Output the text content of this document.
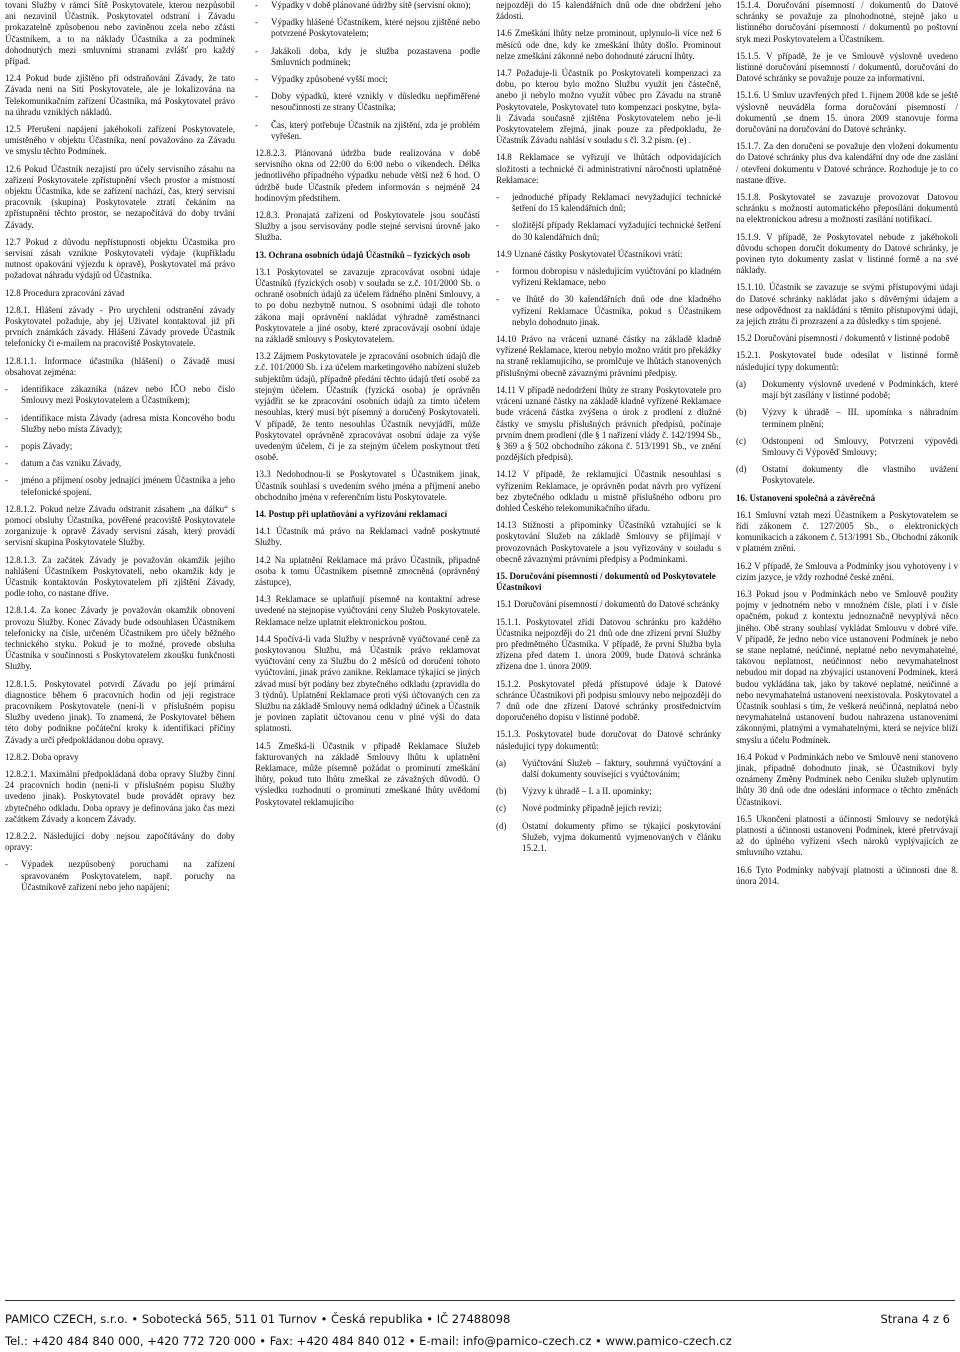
tovaní Služby v rámci Sítě Poskytovatele, kterou nezpůsobil ani nezavinil Účastník. Poskytovatel odstraní i Závadu prokazatelně způsobenou nebo zaviněnou zcela nebo zčásti Účastníkem, a to na náklady Účastníka a za podmínek dohodnutých mezi smluvními stranami zvlášť pro každý případ.
12.4 Pokud bude zjištěno při odstraňování Závady, že tato Závada není na Síti Poskytovatele, ale je lokalizována na Telekomunikačním zařízení Účastníka, má Poskytovatel právo na úhradu vzniklých nákladů.
12.5 Přerušení napájení jakéhokoli zařízení Poskytovatele, umístěného v objektu Účastníka, není považováno za Závadu ve smyslu těchto Podmínek.
12.6 Pokud Účastník nezajistí pro účely servisního zásahu na zařízení Poskytovatele zpřístupnění všech prostor a místností objektu Účastníka, kde se zařízení nachází, čas, který servisní pracovník (skupina) Poskytovatele ztratí čekáním na zpřístupnění těchto prostor, se nezapočítává do doby trvání Závady.
12.7 Pokud z důvodu nepřístupnosti objektu Účastníka pro servisní zásah vznikne Poskytovateli výdaje (kupříkladu nutnost opakování výjezdu k opravě), Poskytovatel má právo požadovat náhradu výdajů od Účastníka.
12.8 Procedura zpracování závad
12.8.1. Hlášení závady - Pro urychlení odstranění závady Poskytovatel požaduje, aby jej Uživatel kontaktoval již při prvních známkách závady. Hlášení Závady provede Účastník telefonicky či e-mailem na pracoviště Poskytovatele.
12.8.1.1. Informace účastníka (hlášení) o Závadě musí obsahovat zejména:
-	identifikace zákazníka (název nebo IČO nebo číslo Smlouvy mezi Poskytovatelem a Účastníkem);
-	identifikace místa Závady (adresa místa Koncového bodu Služby nebo místa Závady);
-	popis Závady;
-	datum a čas vzniku Závady,
-	jméno a příjmení osoby jednající jménem Účastníka a jeho telefonické spojení.
12.8.1.2. Pokud nelze Závadu odstranit zásahem „na dálku“ s pomocí obsluhy Účastníka, pověřené pracoviště Poskytovatele zorganizuje k opravě Závady servisní zásah, který provádí servisní skupina Poskytovatele Služby.
12.8.1.3. Za začátek Závady je považován okamžik jejího nahlášení Účastníkem Poskytovateli, nebo okamžik kdy je Účastník kontaktován Poskytovatelem při zjištění Závady, podle toho, co nastane dříve.
12.8.1.4. Za konec Závady je považován okamžik obnovení provozu Služby. Konec Závady bude odsouhlasen Účastníkem telefonicky na čísle, určeném Účastníkem pro účely běžného technického styku. Pokud je to možné, provede obsluha Účastníka v součinnosti s Poskytovatelem zkoušku funkčnosti Služby.
12.8.1.5. Poskytovatel potvrdí Závadu po její primární diagnostice během 6 pracovních hodin od její registrace pracovníkem Poskytovatele (není-li v příslušném popisu Služby uvedeno jinak). To znamená, že Poskytovatel během této doby podnikne počáteční kroky k identifikaci příčiny Závady a určí předpokládanou dobu opravy.
12.8.2. Doba opravy
12.8.2.1. Maximální předpokládaná doba opravy Služby činní 24 pracovních hodin (není-li v příslušném popisu Služby uvedeno jinak). Poskytovatel bude provádět opravy bez zbytečného odkladu. Doba opravy je definována jako čas mezi začátkem Závady a koncem Závady.
12.8.2.2. Následující doby nejsou započítávány do doby opravy:
-	Výpadek nezpůsobený poruchami na zařízení spravovaném Poskytovatelem, např. poruchy na Účastníkově zařízení nebo jeho napájení;
-	Výpadky v době plánované údržby sítě (servisní okno);
-	Výpadky hlášené Účastníkem, které nejsou zjištěné nebo potvrzené Poskytovatelem;
-	Jakákoli doba, kdy je služba pozastavena podle Smluvních podmínek;
-	Výpadky způsobené vyšší mocí;
-	Doby výpadků, které vznikly v důsledku nepřiměřené nesoučinnosti ze strany Účastníka;
-	Čas, který potřebuje Účastník na zjištění, zda je problém vyřešen.
12.8.2.3. Plánovaná údržba bude realizována v době servisního okna od 22:00 do 6:00 nebo o víkendech. Délka jednotlivého případného výpadku nebude větší než 6 hod. O údržbě bude Účastník předem informován s nejméně 24 hodinovým předstihem.
12.8.3. Pronajatá zařízení od Poskytovatele jsou součástí Služby a jsou servisovány podle stejné servisní úrovně jako Služba.
13. Ochrana osobních údajů Účastníků – fyzických osob
13.1 Poskytovatel se zavazuje zpracovávat osobní údaje Účastníků (fyzických osob) v souladu se z.č. 101/2000 Sb. o ochraně osobních údajů za účelem řádného plnění Smlouvy, a to po dobu nezbytně nutnou. S osobními údaji dle tohoto zákona mají oprávnění nakládat výhradně zaměstnanci Poskytovatele a jiné osoby, které zpracovávají osobní údaje na základě smlouvy s Poskytovatelem.
13.2 Zájmem Poskytovatele je zpracování osobních údajů dle z.č. 101/2000 Sb. i za účelem marketingového nabízení služeb subjektům údajů, případně předání těchto údajů třetí osobě za stejným účelem. Účastník (fyzická osoba) je oprávněn vyjádřit se ke zpracování osobních údajů za tímto účelem nesouhlas, který musí být písemný a doručený Poskytovateli. V případě, že tento nesouhlas Účastník nevyjádří, může Poskytovatel oprávněně zpracovávat osobní údaje za výše uvedeným účelem, či je za stejným účelem poskytnout třetí osobě.
13.3 Nedohodnou-li se Poskytovatel s Účastníkem jinak, Účastník souhlasí s uvedením svého jména a příjmení anebo obchodního jména v referenčním listu Poskytovatele.
14. Postup při uplatňování a vyřizování reklamací
14.1 Účastník má právo na Reklamaci vadně poskytnuté Služby.
14.2 Na uplatnění Reklamace má právo Účastník, případně osoba k tomu Účastníkem písemně zmocněná (oprávněný zástupce),
14.3 Reklamace se uplatňují písemně na kontaktní adrese uvedené na stejnopise vyúčtování ceny Služeb Poskytovatele. Reklamace nelze uplatnit elektronickou poštou.
14.4 Spočívá-li vada Služby v nesprávně vyúčtované ceně za poskytovanou Službu, má Účastník právo reklamovat vyúčtování ceny za Službu do 2 měsíců od doručení tohoto vyúčtování, jinak právo zaniknе. Reklamace týkající se jiných závad musí být podány bez zbytečného odkladu (zpravidla do 3 týdnů). Uplatnění Reklamace proti výši účtovaných cen za Službu na základě Smlouvy nemá odkladný účinek a Účastník je povinen zaplatit účtovanou cenu v plné výši do data splatnosti.
14.5 Zmešká-li Účastník v případě Reklamace Služeb fakturovaných na základě Smlouvy lhůtu k uplatnění Reklamace, může písemně požádat o prominutí zmeškání lhůty, pokud tuto lhůtu zmeškal ze závažných důvodů. O výsledku rozhodnutí o prominutí zmeškané lhůty uvědomí Poskytovatel reklamujícího
nejpozději do 15 kalendářních dnů ode dne obdržení jeho žádosti.
14.6 Zmeškání lhůty nelze prominout, uplynulo-li více než 6 měsíců ode dne, kdy ke zmeškání lhůty došlo. Prominout nelze zmeškání zákonné nebo dohodnuté zárucní lhůty.
14.7 Požaduje-li Účastník po Poskytovateli kompenzaci za dobu, po kterou bylo možno Službu využít jen částečně, anebo ji nebylo možno využít vůbec pro Závadu na straně Poskytovatele, Poskytovatel tuto kompenzaci poskytne, byla-li Závada současně zjištěna Poskytovatelem nebo je-li Poskytovatelem zřejmá, jinak pouze za předpokladu, že Účastník Závadu nahlásí v souladu s čl. 3.2 písm. (e) .
14.8 Reklamace se vyřizují ve lhůtách odpovídajících složitosti a technické či administrativní náročnosti uplatněné Reklamace:
-	jednoduché případy Reklamací nevyžadující technické šetření do 15 kalendářních dnů;
-	složitější případy Reklamací vyžadující technické šetření do 30 kalendářních dnů;
14.9 Uznané částky Poskytovatel Účastníkovi vrátí:
-	formou dobropisu v následujícím vyúčtování po kladném vyřízení Reklamace, nebo
-	ve lhůtě do 30 kalendářních dnů ode dne kladného vyřízení Reklamace Účastníka, pokud s Účastníkem nebylo dohodnuto jinak.
14.10 Právo na vrácení uznané částky na základě kladně vyřízené Reklamace, kterou nebylo možno vrátit pro překážky na straně reklamujícího, se promlčuje ve lhůtách stanovených příslušnými obecně závaznými právními předpisy.
14.11 V případě nedodržení lhůty ze strany Poskytovatele pro vrácení uznané částky na základě kladně vyřízené Reklamace bude vrácená částka zvýšena o úrok z prodlení z dlužné částky ve smyslu příslušných právních předpisů, počínaje prvním dnem prodlení (dle § 1 nařízení vlády č. 142/1994 Sb., § 369 a § 502 obchodního zákona č. 513/1991 Sb., ve znění pozdějších předpisů).
14.12 V případě, že reklamující Účastník nesouhlasí s vyřízením Reklamace, je oprávněn podat návrh pro vyřízení bez zbytečného odkladu u místně příslušného odboru pro dohled Českého telekomunikačního úřadu.
14.13 Stížnosti a připomínky Účastníků vztahující se k poskytování Služeb na základě Smlouvy se přijímají v provozovnách Poskytovatele a jsou vyřizovány v souladu s obecně závaznými právními předpisy a Podmínkami.
15. Doručování písemností / dokumentů od Poskytovatele Účastníkovi
15.1 Doručování písemností / dokumentů do Datové schránky
15.1.1. Poskytovatel zřídí Datovou schránku pro každého Účastníka nejpozději do 21 dnů ode dne zřízení první Služby pro předmětného Účastníka. V případě, že první Služba byla zřízena před datem 1. února 2009, bude Datová schránka zřízena dne 1. února 2009.
15.1.2. Poskytovatel předá přístupové údaje k Datové schránce Účastníkovi při podpisu smlouvy nebo nejpozději do 7 dnů ode dne zřízení Datové schránky prostřednictvím doporučeného dopisu v listinné podobě.
15.1.3. Poskytovatel bude doručovat do Datové schránky následující typy dokumentů:
(a)	Vyúčtování Služeb – faktury, souhrnná vyúčtování a další dokumenty související s vyúčtováním;
(b)	Výzvy k úhradě – I. a II. upomínky;
(c)	Nové podmínky případně jejich revizi;
(d)	Ostatní dokumenty přímo se týkající poskytování Služeb, vyjma dokumentů vyjmenovaných v článku 15.2.1.
15.1.4. Doručování písemností / dokumentů do Datové schránky se považuje za plnohodnotné, stejně jako u listinného doručování písemností / dokumentů po poštovní styk mezi Poskytovatelem a Účastníkem.
15.1.5. V případě, že je ve Smlouvě výslovně uvedeno listinné doručování písemností / dokumentů, doručování do Datové schránky se považuje pouze za informativní.
15.1.6. U Smluv uzavřených před 1. říjnem 2008 kde se ještě výslovně neuváděla forma doručování písemností / dokumentů ,se dnem 15. února 2009 stanovuje forma doručování na doručování do Datové schránky.
15.1.7. Za den doručení se považuje den vložení dokumentu do Datové schránky plus dva kalendářní dny ode dne zaslání / otevření dokumentu v Datové schránce. Rozhoduje je to co nastane dříve.
15.1.8. Poskytovatel se zavazuje provozovat Datovou schránku s možností automatického přeposílání dokumentů na elektronickou adresu a možností zasílání notifikací.
15.1.9. V případě, že Poskytovatel nebude z jakéhokoli důvodu schopen doručit dokumenty do Datové schránky, je povinen tyto dokumenty zaslat v listinné formě a na své náklady.
15.1.10. Účastník se zavazuje se svými přístupovými údaji do Datové schránky nakládat jako s důvěrnými údajem a nese odpovědnost za nakládání s těmito přístupovými údaji, za jejich ztrátu či prozrazení a za důsledky s tím spojené.
15.2 Doručování písemností / dokumentů v listinné podobě
15.2.1. Poskytovatel bude odesílat v listinné formě následující typy dokumentů:
(a)	Dokumenty výslovně uvedené v Podmínkách, které mají být zasílány v listinné podobě;
(b)	Výzvy k úhradě – III. upomínka s náhradním termínem plnění;
(c)	Odstoupení od Smlouvy, Potvrzení výpovědi Smlouvy či Výpověď Smlouvy;
(d)	Ostatní dokumenty dle vlastního uvážení Poskytovatele.
16. Ustanovení společná a závěrečná
16.1 Smluvní vztah mezi Účastníkem a Poskytovatelem se řídí zákonem č. 127/2005 Sb., o elektronických komunikacích a zákonem č. 513/1991 Sb., Obchodní zákoník v platném znění.
16.2 V případě, že Smlouva a Podmínky jsou vyhotoveny i v cizím jazyce, je vždy rozhodné české znění.
16.3 Pokud jsou v Podmínkách nebo ve Smlouvě použity pojmy v jednotném nebo v množném čísle, platí i v čísle opačném, pokud z kontextu jednoznačně nevyplývá něco jiného. Obě strany souhlasí vykládat Smlouvu v dobré víře. V případě, že jedno nebo více ustanovení Podmínek je nebo se stane neplatné, neúčinné, neplatné nebo nevymahatelné, takovou neplatnost, neúčinnost nebo nevymahatelnost nebudou mít dopad na zbývající ustanovení Podmínek, která budou vykládána tak, jako by takové neplatné, neúčinné a nebo nevymahatelná ustanovení neexistovala. Poskytovatel a Účastník souhlasí s tím, že veškerá neúčinná, neplatná nebo nevymahatelná ustanovení budou nahrazena ustanoveními zákonnými, platnými a vymahatelnými, která se nejvíce blíží smyslu a účelu Podmínek.
16.4 Pokud v Podmínkách nebo ve Smlouvě není stanoveno jinak, případně dohodnuto jinak, se Účastníkovi byly oznámeny Změny Podmínek nebo Ceníku služeb uplynutím lhůty 30 dnů ode dne odeslání informace o těchto změnách Účastníkovi.
16.5 Ukončení platnosti a účinnosti Smlouvy se nedotýká platnosti a účinnosti ustanovení Podmínek, které přetrvávají až do úplného vyřízení všech nároků vyplývajících ze smluvního vztahu.
16.6 Tyto Podmínky nabývají platnosti a účinnosti dne 8. února 2014.
PAMICO CZECH, s.r.o. • Sobotecká 565, 511 01 Turnov • Česká republika • IČ 27488098	Strana 4 z 6
Tel.: +420 484 840 000, +420 772 720 000 • Fax: +420 484 840 012 • E-mail: info@pamico-czech.cz • www.pamico-czech.cz
